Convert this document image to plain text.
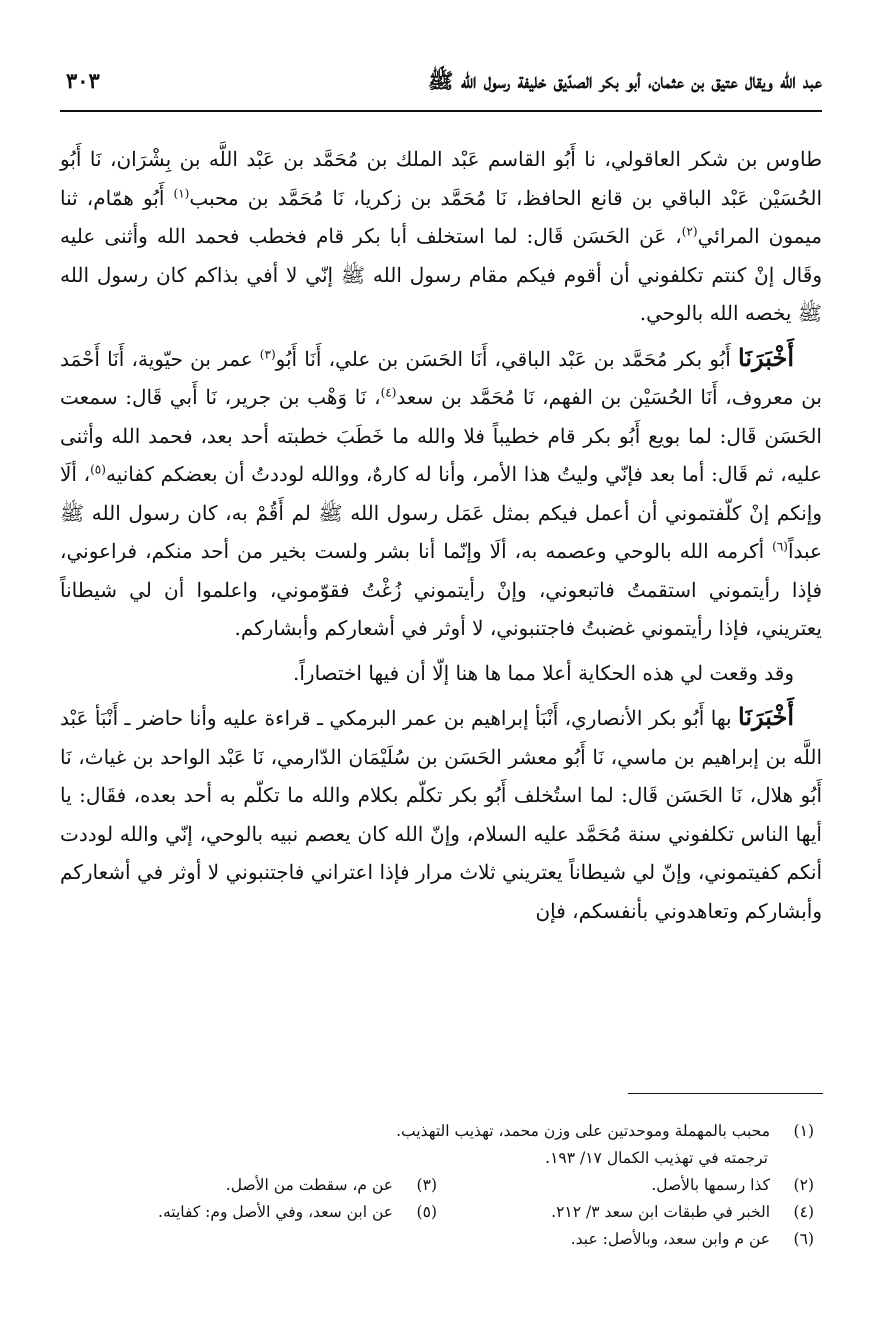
عبد الله ويقال عتيق بن عثمان، أبو بكر الصدّيق خليفة رسول الله ﷺ
٣٠٣

طاوس بن شكر العاقولي، نا أَبُو القاسم عَبْد الملك بن مُحَمَّد بن عَبْد اللَّه بن بِشْرَان، نَا أَبُو الحُسَيْن عَبْد الباقي بن قانع الحافظ، نَا مُحَمَّد بن زكريا، نَا مُحَمَّد بن محبب$^{(١)}$ أَبُو همّام، ثنا ميمون المرائي$^{(٢)}$، عَن الحَسَن قَال: لما استخلف أبا بكر قام فخطب فحمد الله وأثنى عليه وقَال إنْ كنتم تكلفوني أن أقوم فيكم مقام رسول الله ﷺ إنّي لا أفي بذاكم كان رسول الله ﷺ يخصه الله بالوحي.

أَخْبَرَنَا أَبُو بكر مُحَمَّد بن عَبْد الباقي، أَنَا الحَسَن بن علي، أَنَا أَبُو$^{(٣)}$ عمر بن حيّوية، أَنَا أَحْمَد بن معروف، أَنَا الحُسَيْن بن الفهم، نَا مُحَمَّد بن سعد$^{(٤)}$، نَا وَهْب بن جرير، نَا أَبي قَال: سمعت الحَسَن قَال: لما بويع أَبُو بكر قام خطيباً فلا والله ما خَطَبَ خطبته أحد بعد، فحمد الله وأثنى عليه، ثم قَال: أما بعد فإنّي وليتُ هذا الأمر، وأنا له كارهٌ، ووالله لوددتُ أن بعضكم كفانيه$^{(٥)}$، ألَا وإنكم إنْ كلّفتموني أن أعمل فيكم بمثل عَمَل رسول الله ﷺ لم أَقُمْ به، كان رسول الله ﷺ عبداً$^{(٦)}$ أكرمه الله بالوحي وعصمه به، ألَا وإنّما أنا بشر ولست بخير من أحد منكم، فراعوني، فإذا رأيتموني استقمتُ فاتبعوني، وإنْ رأيتموني زُغْتُ فقوّموني، واعلموا أن لي شيطاناً يعتريني، فإذا رأيتموني غضبتُ فاجتنبوني، لا أوثر في أشعاركم وأبشاركم.

وقد وقعت لي هذه الحكاية أعلا مما ها هنا إلّا أن فيها اختصاراً.

أَخْبَرَنَا بها أَبُو بكر الأنصاري، أَنْبَأ إبراهيم بن عمر البرمكي ـ قراءة عليه وأنا حاضر ـ أَنْبَأ عَبْد اللَّه بن إبراهيم بن ماسي، نَا أَبُو معشر الحَسَن بن سُلَيْمَان الدّارمي، نَا عَبْد الواحد بن غياث، نَا أَبُو هلال، نَا الحَسَن قَال: لما استُخلف أَبُو بكر تكلّم بكلام والله ما تكلّم به أحد بعده، فقَال: يا أيها الناس تكلفوني سنة مُحَمَّد عليه السلام، وإنّ الله كان يعصم نبيه بالوحي، إنّي والله لوددت أنكم كفيتموني، وإنّ لي شيطاناً يعتريني ثلاث مرار فإذا اعتراني فاجتنبوني لا أوثر في أشعاركم وأبشاركم وتعاهدوني بأنفسكم، فإن

(١)محبب بالمهملة وموحدتين على وزن محمد، تهذيب التهذيب.
ترجمته في تهذيب الكمال ١٧/ ١٩٣.
(٢)كذا رسمها بالأصل.
(٣)عن م، سقطت من الأصل.
(٤)الخبر في طبقات ابن سعد ٣/ ٢١٢.
(٥)عن ابن سعد، وفي الأصل وم: كفايته.
(٦)عن م وابن سعد، وبالأصل: عبد.
